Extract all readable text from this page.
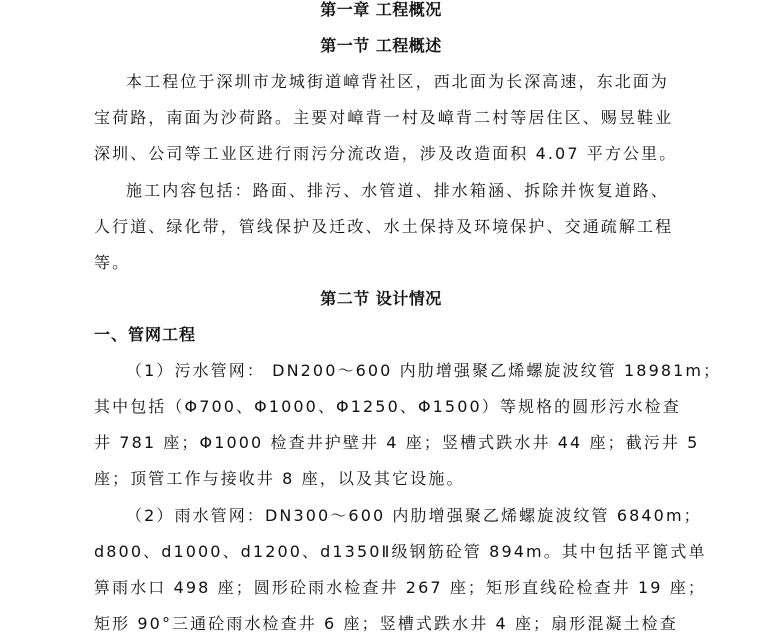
第一章 工程概况
第一节 工程概述
本工程位于深圳市龙城街道嶂背社区，西北面为长深高速，东北面为
宝荷路，南面为沙荷路。主要对嶂背一村及嶂背二村等居住区、赐昱鞋业
深圳、公司等工业区进行雨污分流改造，涉及改造面积 4.07 平方公里。
施工内容包括：路面、排污、水管道、排水箱涵、拆除并恢复道路、
人行道、绿化带，管线保护及迁改、水土保持及环境保护、交通疏解工程
等。
第二节 设计情况
一、管网工程
（1）污水管网： DN200～600 内肋增强聚乙烯螺旋波纹管 18981m；
其中包括（Φ700、Φ1000、Φ1250、Φ1500）等规格的圆形污水检查
井 781 座；Φ1000 检查井护壁井 4 座；竖槽式跌水井 44 座；截污井 5
座；顶管工作与接收井 8 座，以及其它设施。
（2）雨水管网：DN300～600 内肋增强聚乙烯螺旋波纹管 6840m；
d800、d1000、d1200、d1350Ⅱ级钢筋砼管 894m。其中包括平篦式单
箅雨水口 498 座；圆形砼雨水检查井 267 座；矩形直线砼检查井 19 座；
矩形 90°三通砼雨水检查井 6 座；竖槽式跌水井 4 座；扇形混凝土检查
